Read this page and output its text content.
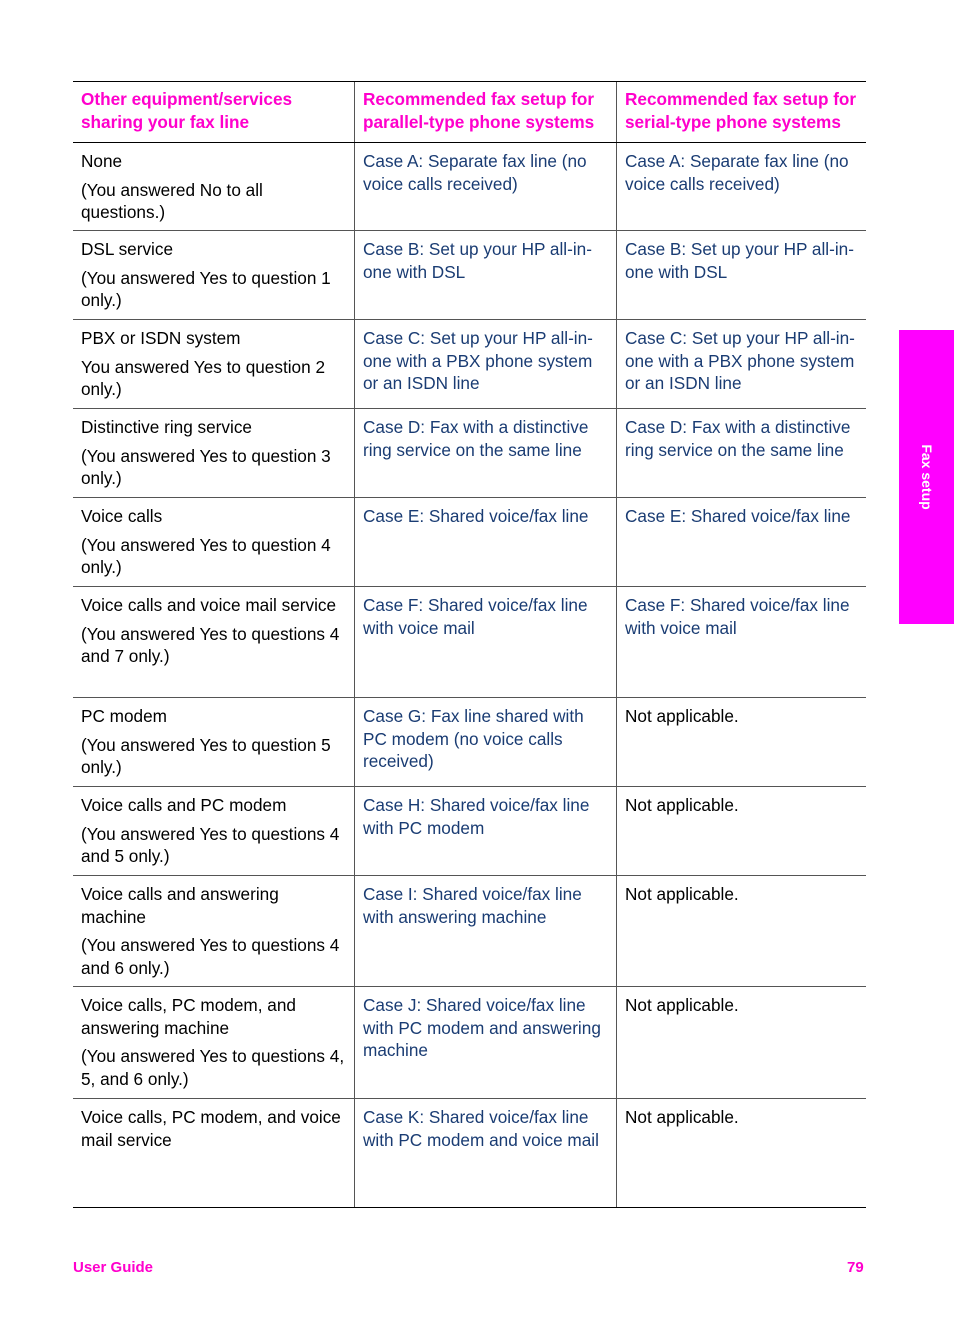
Other equipment/services sharing your fax line
Recommended fax setup for parallel-type phone systems
Recommended fax setup for serial-type phone systems
None
(You answered No to all questions.)
Case A: Separate fax line (no voice calls received)
Case A: Separate fax line (no voice calls received)
DSL service
(You answered Yes to question 1 only.)
Case B: Set up your HP all-in-one with DSL
Case B: Set up your HP all-in-one with DSL
PBX or ISDN system
You answered Yes to question 2 only.)
Case C: Set up your HP all-in-one with a PBX phone system or an ISDN line
Case C: Set up your HP all-in-one with a PBX phone system or an ISDN line
Distinctive ring service
(You answered Yes to question 3 only.)
Case D: Fax with a distinctive ring service on the same line
Case D: Fax with a distinctive ring service on the same line
Voice calls
(You answered Yes to question 4 only.)
Case E: Shared voice/fax line	Case E: Shared voice/fax line
Voice calls and voice mail service
(You answered Yes to questions 4 and 7 only.)
Case F: Shared voice/fax line with voice mail
Case F: Shared voice/fax line with voice mail
PC modem
(You answered Yes to question 5 only.)
Case G: Fax line shared with PC modem (no voice calls received)
Not applicable.
Voice calls and PC modem
(You answered Yes to questions 4 and 5 only.)
Case H: Shared voice/fax line with PC modem
Not applicable.
Voice calls and answering machine
(You answered Yes to questions 4 and 6 only.)
Case I: Shared voice/fax line with answering machine
Not applicable.
Voice calls, PC modem, and answering machine
(You answered Yes to questions 4, 5, and 6 only.)
Case J: Shared voice/fax line with PC modem and answering machine
Not applicable.
Voice calls, PC modem, and voice mail service
Case K: Shared voice/fax line with PC modem and voice mail
Not applicable.
Fax setup
User Guide	79
